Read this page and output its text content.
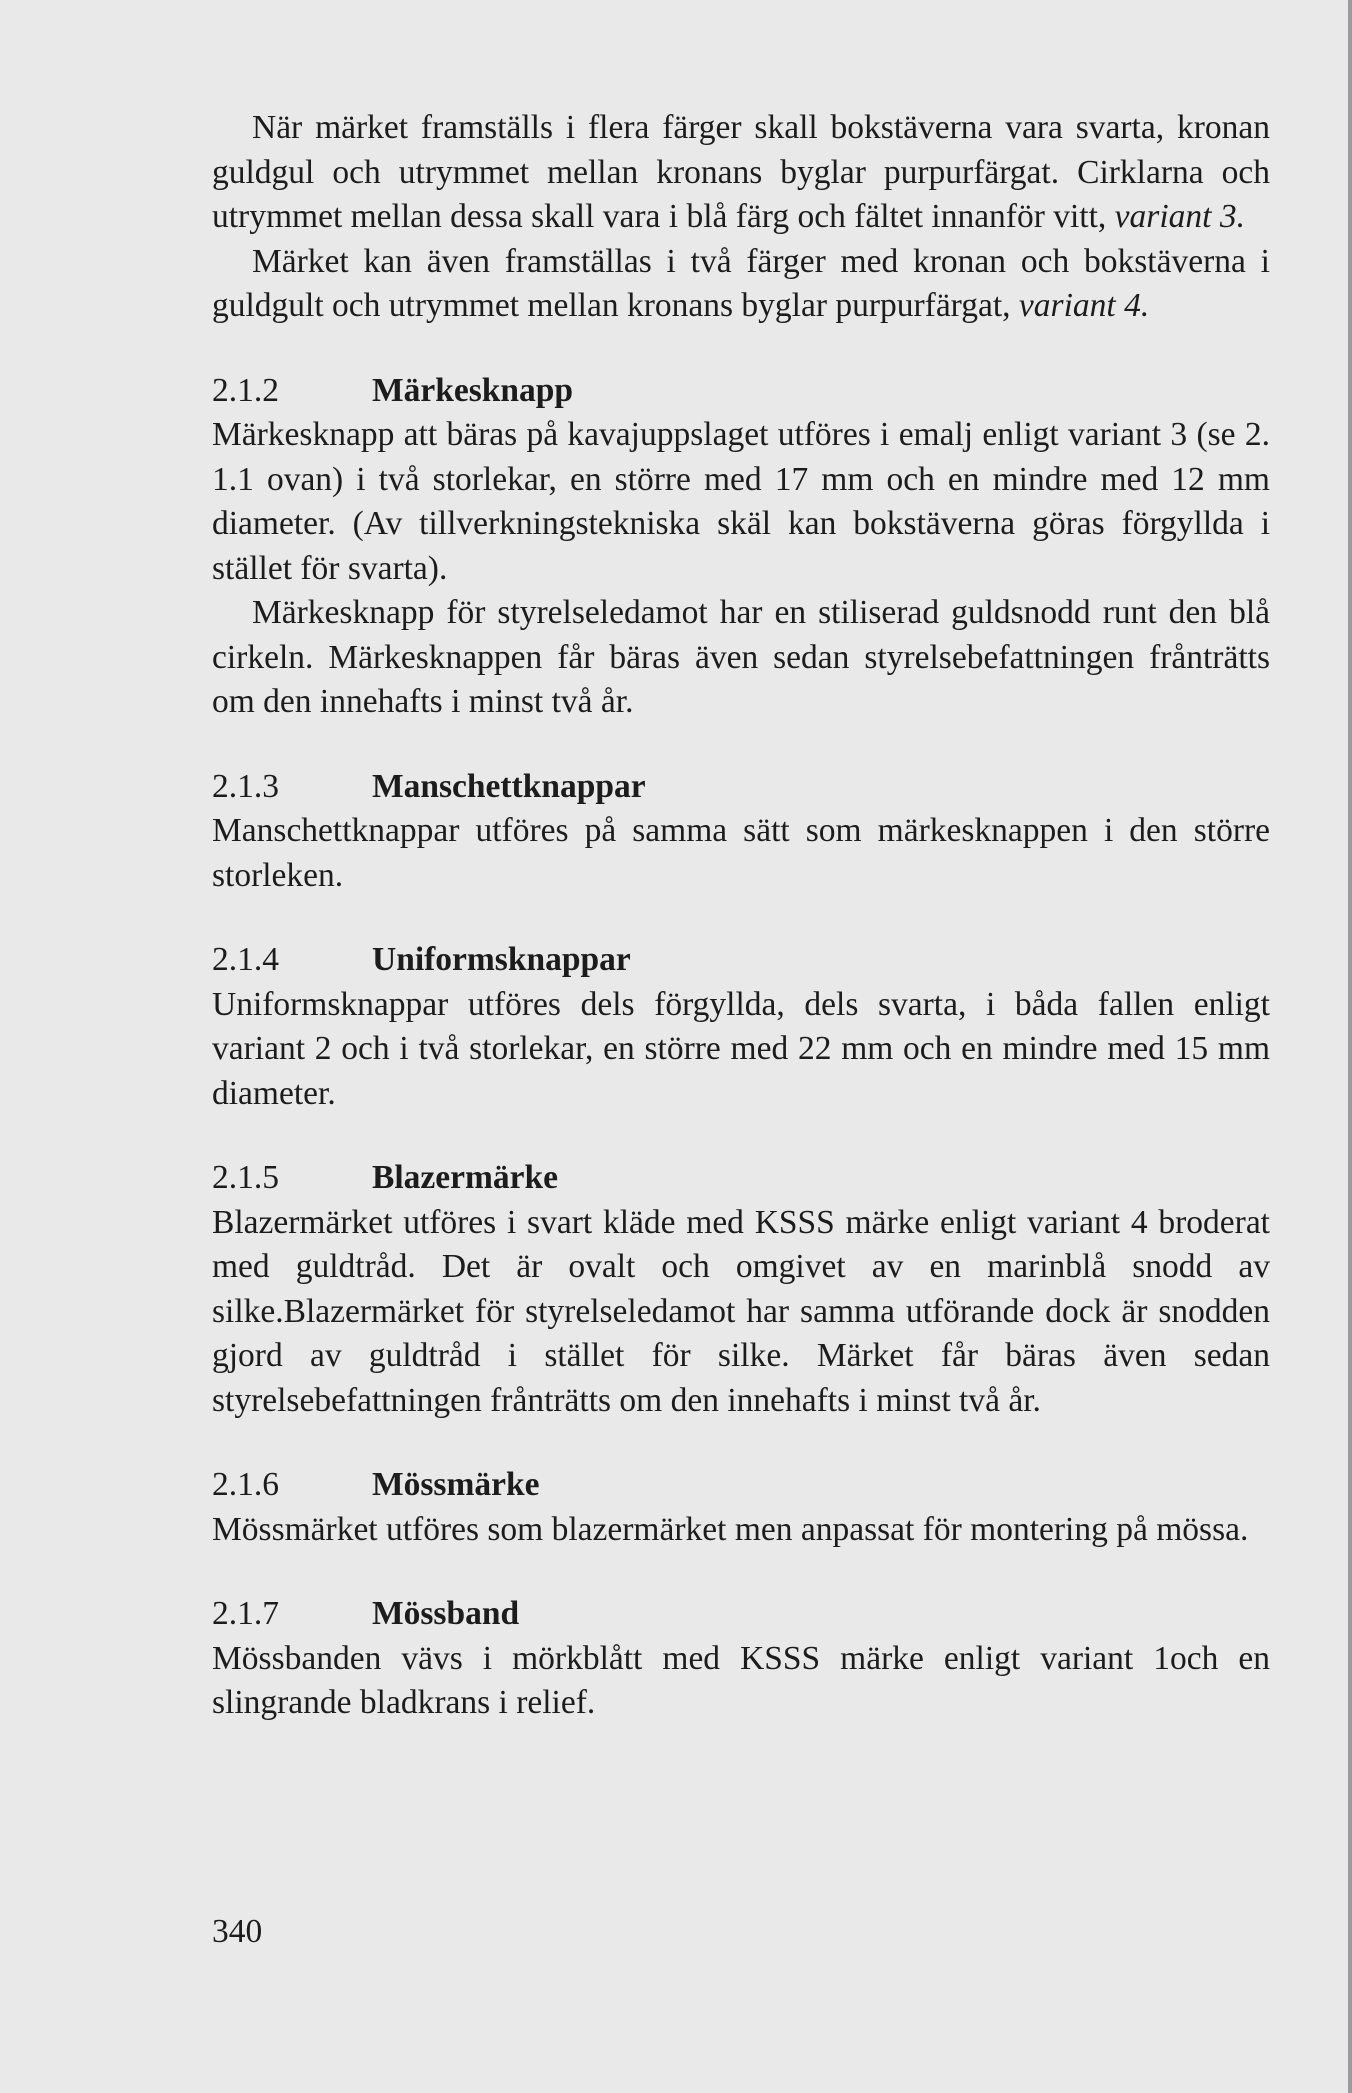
När märket framställs i flera färger skall bokstäverna vara svarta, kronan guldgul och utrymmet mellan kronans byglar purpurfärgat. Cirklarna och utrymmet mellan dessa skall vara i blå färg och fältet innanför vitt, variant 3.

Märket kan även framställas i två färger med kronan och bokstäverna i guldgult och utrymmet mellan kronans byglar purpurfärgat, variant 4.

2.1.2	Märkesknapp

Märkesknapp att bäras på kavajuppslaget utföres i emalj enligt variant 3 (se 2. 1.1 ovan) i två storlekar, en större med 17 mm och en mindre med 12 mm diameter. (Av tillverkningstekniska skäl kan bokstäverna göras förgyllda i stället för svarta).

Märkesknapp för styrelseledamot har en stiliserad guldsnodd runt den blå cirkeln. Märkesknappen får bäras även sedan styrelsebefattningen frånträtts om den innehafts i minst två år.

2.1.3	Manschettknappar

Manschettknappar utföres på samma sätt som märkesknappen i den större storleken.

2.1.4	Uniformsknappar

Uniformsknappar utföres dels förgyllda, dels svarta, i båda fallen enligt variant 2 och i två storlekar, en större med 22 mm och en mindre med 15 mm diameter.

2.1.5	Blazermärke

Blazermärket utföres i svart kläde med KSSS märke enligt variant 4 broderat med guldtråd. Det är ovalt och omgivet av en marinblå snodd av silke.Blazermärket för styrelseledamot har samma utförande dock är snodden gjord av guldtråd i stället för silke. Märket får bäras även sedan styrelsebefattningen frånträtts om den innehafts i minst två år.

2.1.6	Mössmärke

Mössmärket utföres som blazermärket men anpassat för montering på mössa.

2.1.7	Mössband

Mössbanden vävs i mörkblått med KSSS märke enligt variant 1och en slingrande bladkrans i relief.

340
